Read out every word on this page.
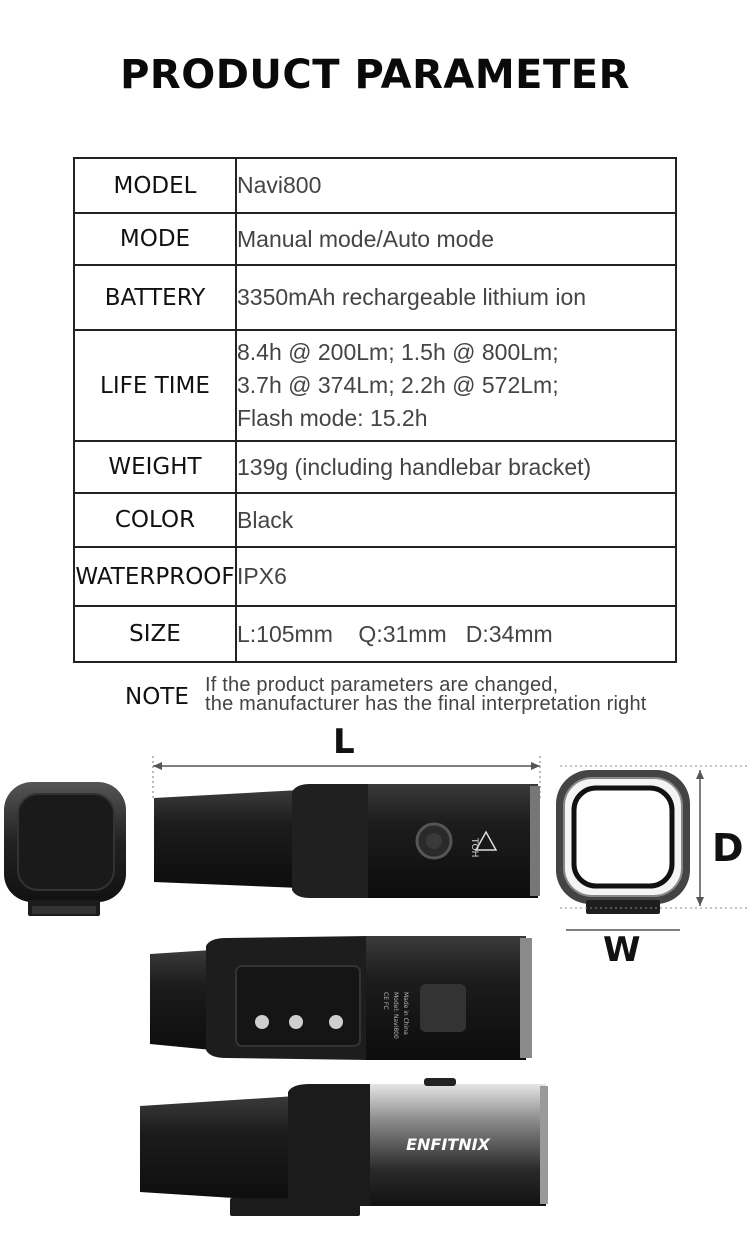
PRODUCT PARAMETER
MODEL	Navi800

MODE	Manual mode/Auto mode

BATTERY	3350mAh rechargeable lithium ion

LIFE TIME	8.4h @ 200Lm; 1.5h @ 800Lm;
3.7h @ 374Lm; 2.2h @ 572Lm;
Flash mode: 15.2h

WEIGHT	139g (including handlebar bracket)

COLOR	Black

WATERPROOF	IPX6

SIZE	L:105mm    Q:31mm   D:34mm
NOTE If the product parameters are changed,
the manufacturer has the final interpretation right
L
D
W
TOH
CE FC Model: Navi800 Made in China
ENFITNIX
